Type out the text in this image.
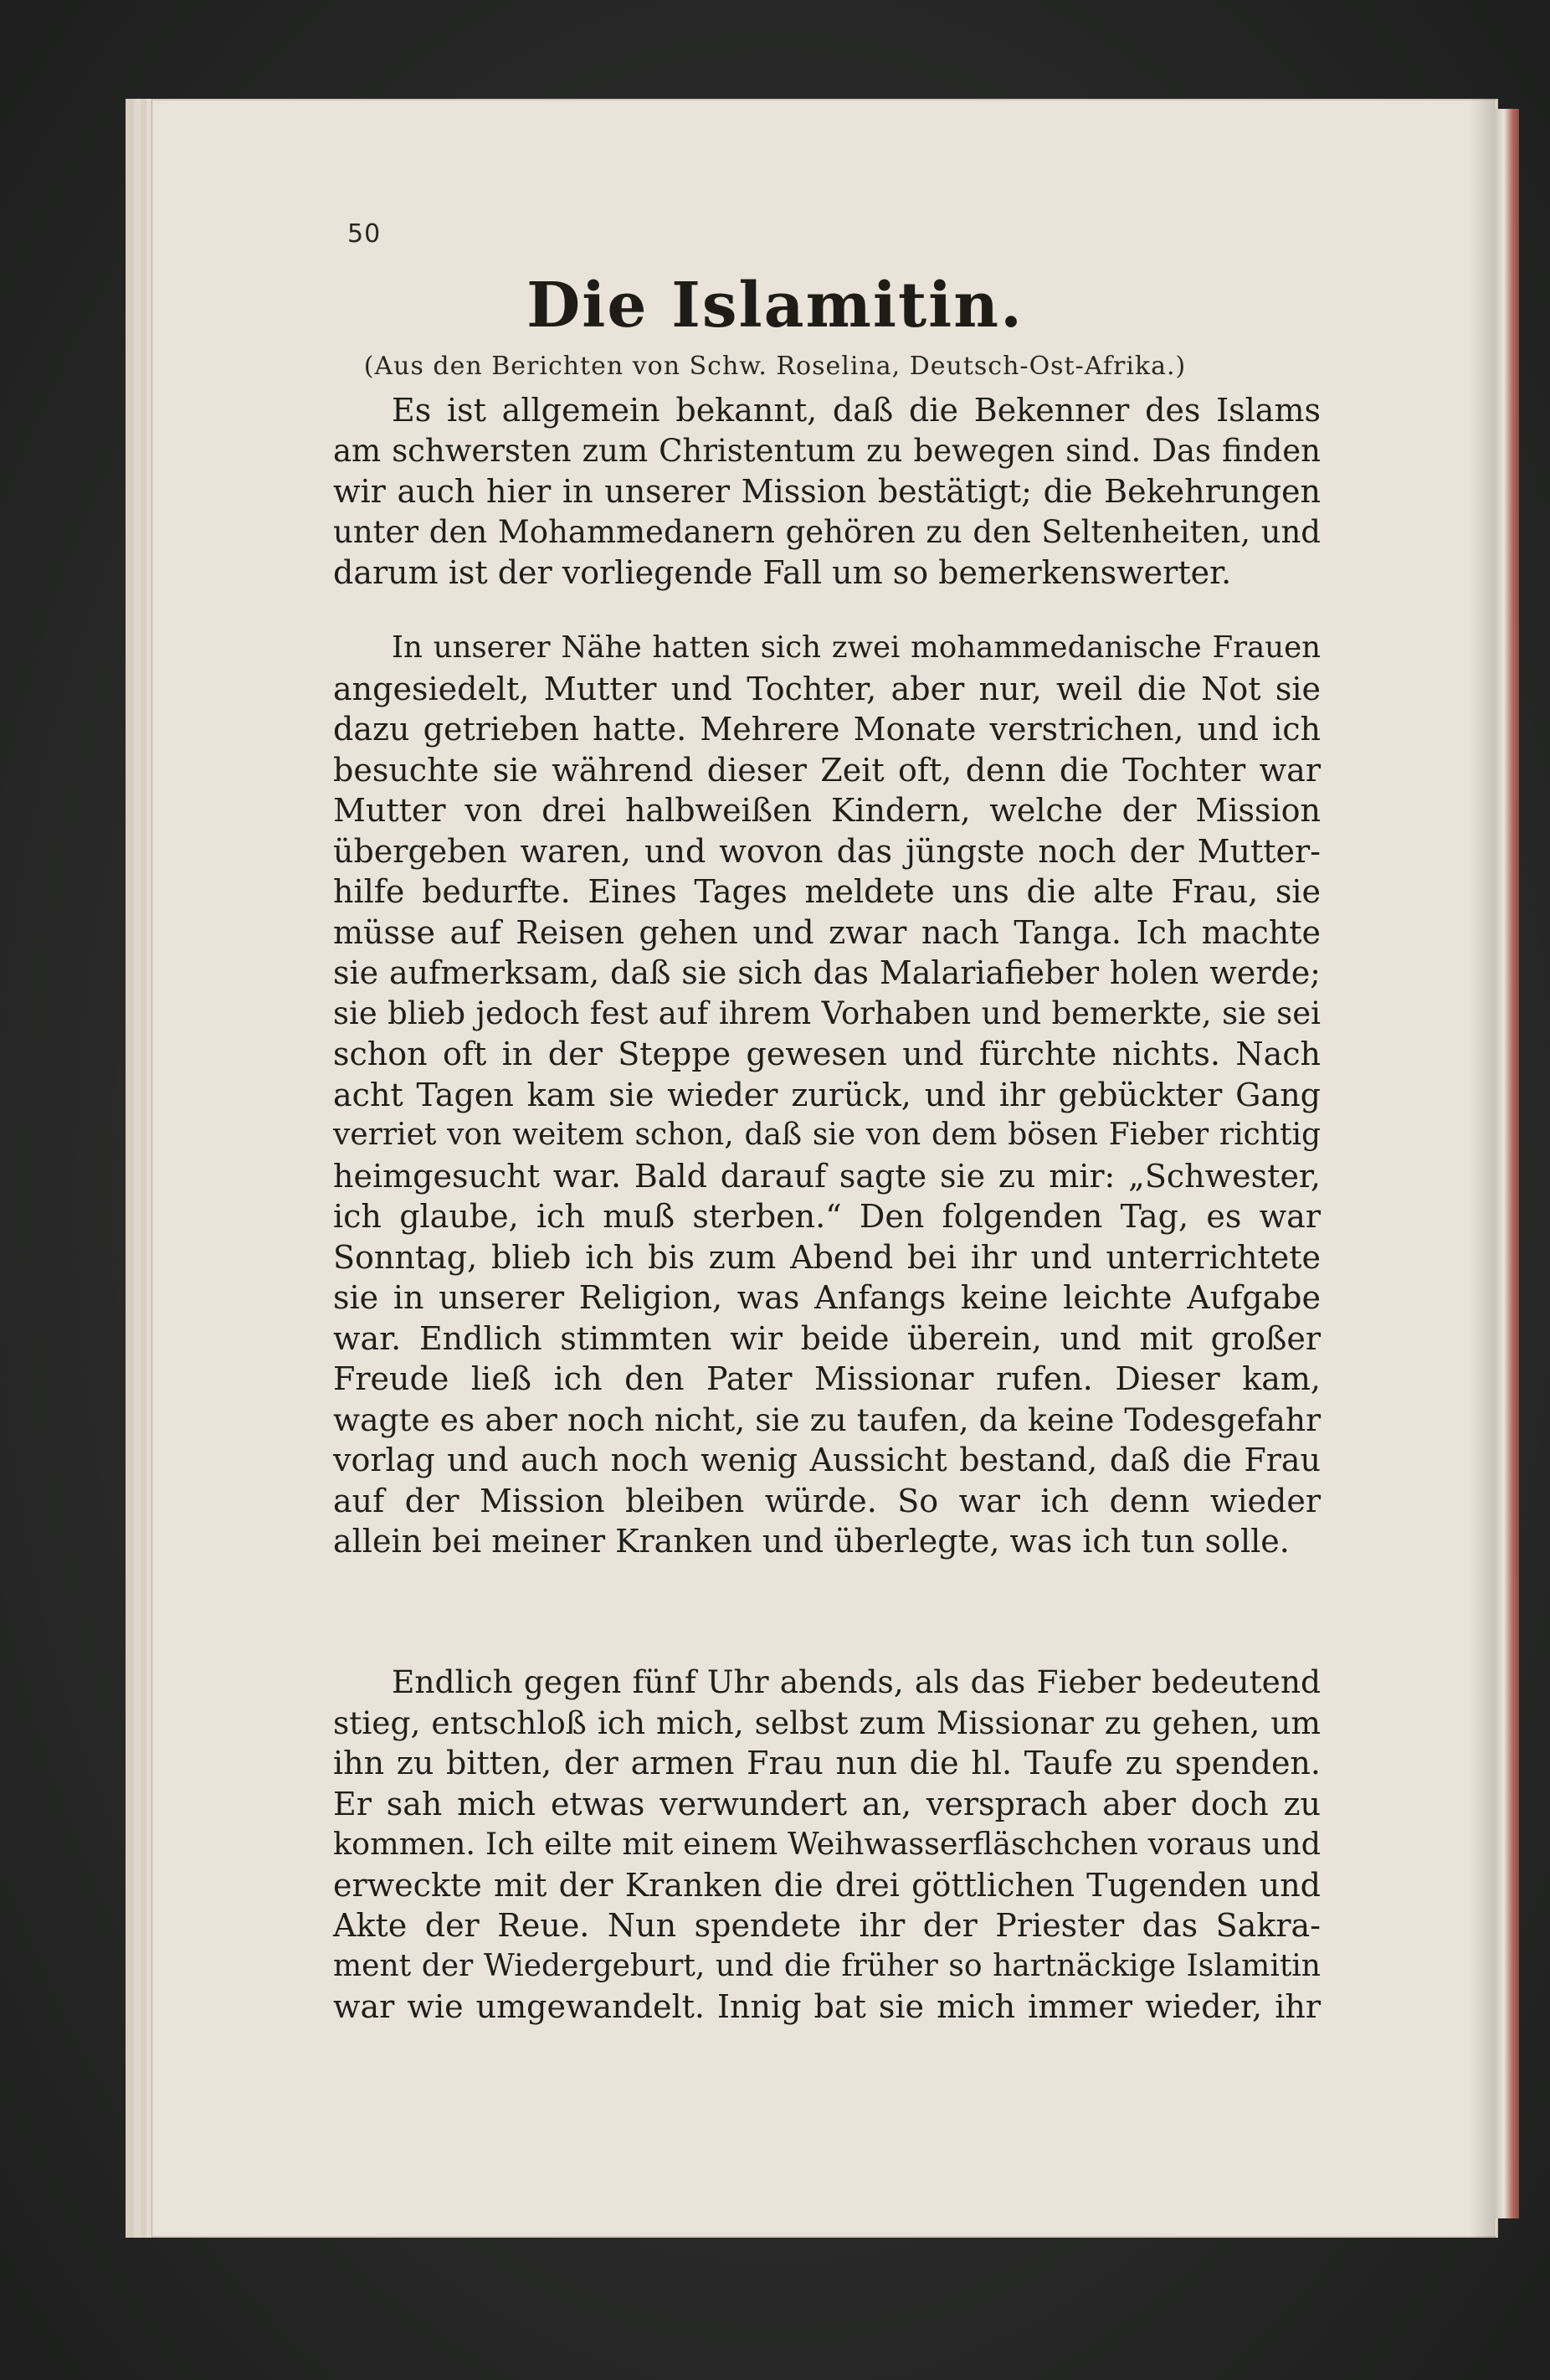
50
Die Islamitin.
(Aus den Berichten von Schw. Roselina, Deutsch-Ost-Afrika.)
Es ist allgemein bekannt, daß die Bekenner des Islams
am schwersten zum Christentum zu bewegen sind. Das finden
wir auch hier in unserer Mission bestätigt; die Bekehrungen
unter den Mohammedanern gehören zu den Seltenheiten, und
darum ist der vorliegende Fall um so bemerkenswerter.
In unserer Nähe hatten sich zwei mohammedanische Frauen
angesiedelt, Mutter und Tochter, aber nur, weil die Not sie
dazu getrieben hatte. Mehrere Monate verstrichen, und ich
besuchte sie während dieser Zeit oft, denn die Tochter war
Mutter von drei halbweißen Kindern, welche der Mission
übergeben waren, und wovon das jüngste noch der Mutter-
hilfe bedurfte. Eines Tages meldete uns die alte Frau, sie
müsse auf Reisen gehen und zwar nach Tanga. Ich machte
sie aufmerksam, daß sie sich das Malariafieber holen werde;
sie blieb jedoch fest auf ihrem Vorhaben und bemerkte, sie sei
schon oft in der Steppe gewesen und fürchte nichts. Nach
acht Tagen kam sie wieder zurück, und ihr gebückter Gang
verriet von weitem schon, daß sie von dem bösen Fieber richtig
heimgesucht war. Bald darauf sagte sie zu mir: „Schwester,
ich glaube, ich muß sterben.“ Den folgenden Tag, es war
Sonntag, blieb ich bis zum Abend bei ihr und unterrichtete
sie in unserer Religion, was Anfangs keine leichte Aufgabe
war. Endlich stimmten wir beide überein, und mit großer
Freude ließ ich den Pater Missionar rufen. Dieser kam,
wagte es aber noch nicht, sie zu taufen, da keine Todesgefahr
vorlag und auch noch wenig Aussicht bestand, daß die Frau
auf der Mission bleiben würde. So war ich denn wieder
allein bei meiner Kranken und überlegte, was ich tun solle.
Endlich gegen fünf Uhr abends, als das Fieber bedeutend
stieg, entschloß ich mich, selbst zum Missionar zu gehen, um
ihn zu bitten, der armen Frau nun die hl. Taufe zu spenden.
Er sah mich etwas verwundert an, versprach aber doch zu
kommen. Ich eilte mit einem Weihwasserfläschchen voraus und
erweckte mit der Kranken die drei göttlichen Tugenden und
Akte der Reue. Nun spendete ihr der Priester das Sakra-
ment der Wiedergeburt, und die früher so hartnäckige Islamitin
war wie umgewandelt. Innig bat sie mich immer wieder, ihr
